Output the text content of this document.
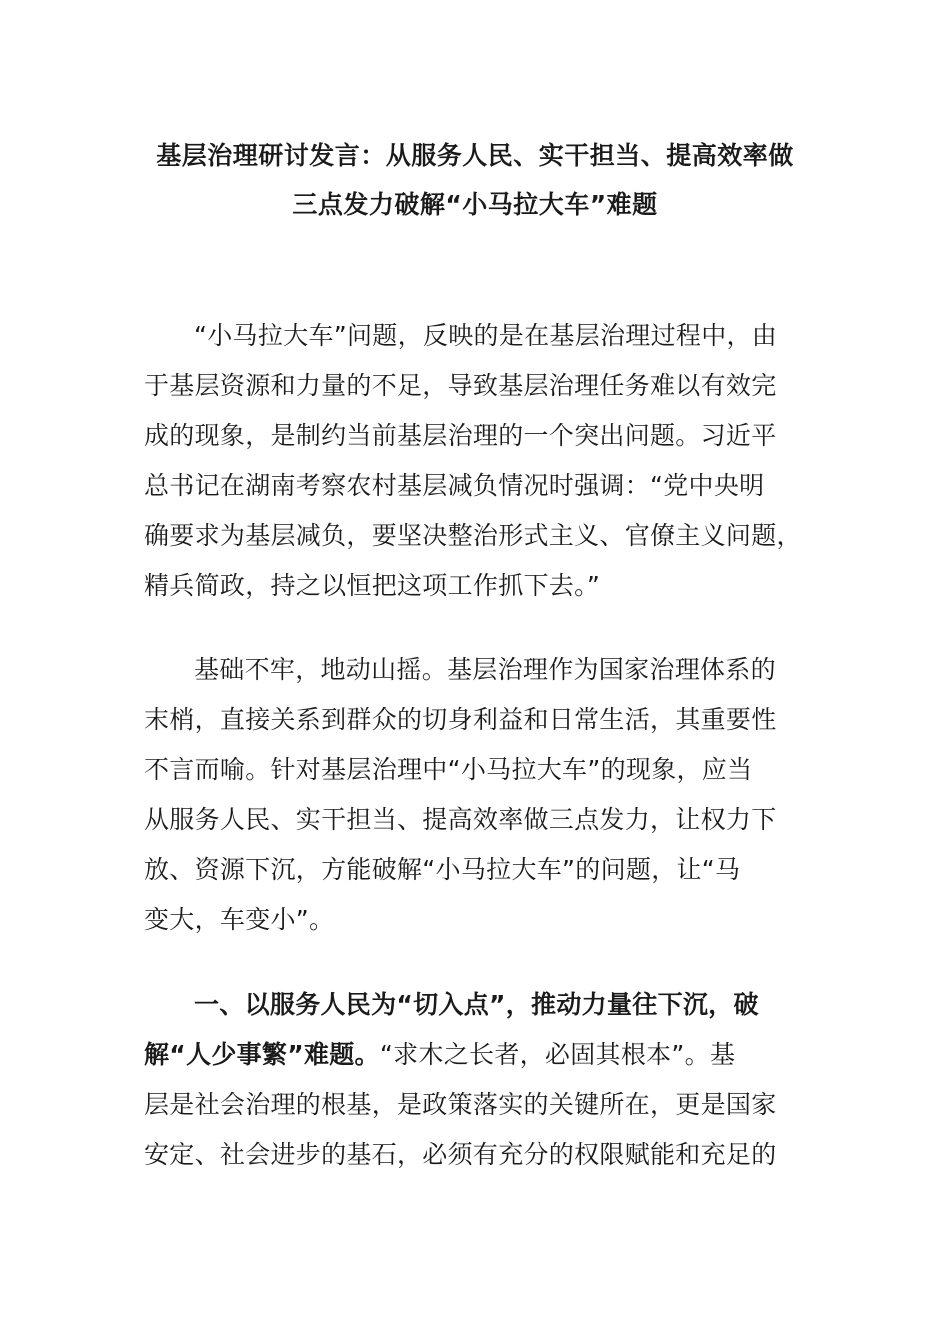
基层治理研讨发言：从服务人民、实干担当、提高效率做
三点发力破解“小马拉大车”难题
“小马拉大车”问题，反映的是在基层治理过程中，由
于基层资源和力量的不足，导致基层治理任务难以有效完
成的现象，是制约当前基层治理的一个突出问题。习近平
总书记在湖南考察农村基层减负情况时强调：“党中央明
确要求为基层减负，要坚决整治形式主义、官僚主义问题，
精兵简政，持之以恒把这项工作抓下去。”
基础不牢，地动山摇。基层治理作为国家治理体系的
末梢，直接关系到群众的切身利益和日常生活，其重要性
不言而喻。针对基层治理中“小马拉大车”的现象，应当
从服务人民、实干担当、提高效率做三点发力，让权力下
放、资源下沉，方能破解“小马拉大车”的问题，让“马
变大，车变小”。
一、以服务人民为“切入点”，推动力量往下沉，破
解“人少事繁”难题。“求木之长者，必固其根本”。基
层是社会治理的根基，是政策落实的关键所在，更是国家
安定、社会进步的基石，必须有充分的权限赋能和充足的
